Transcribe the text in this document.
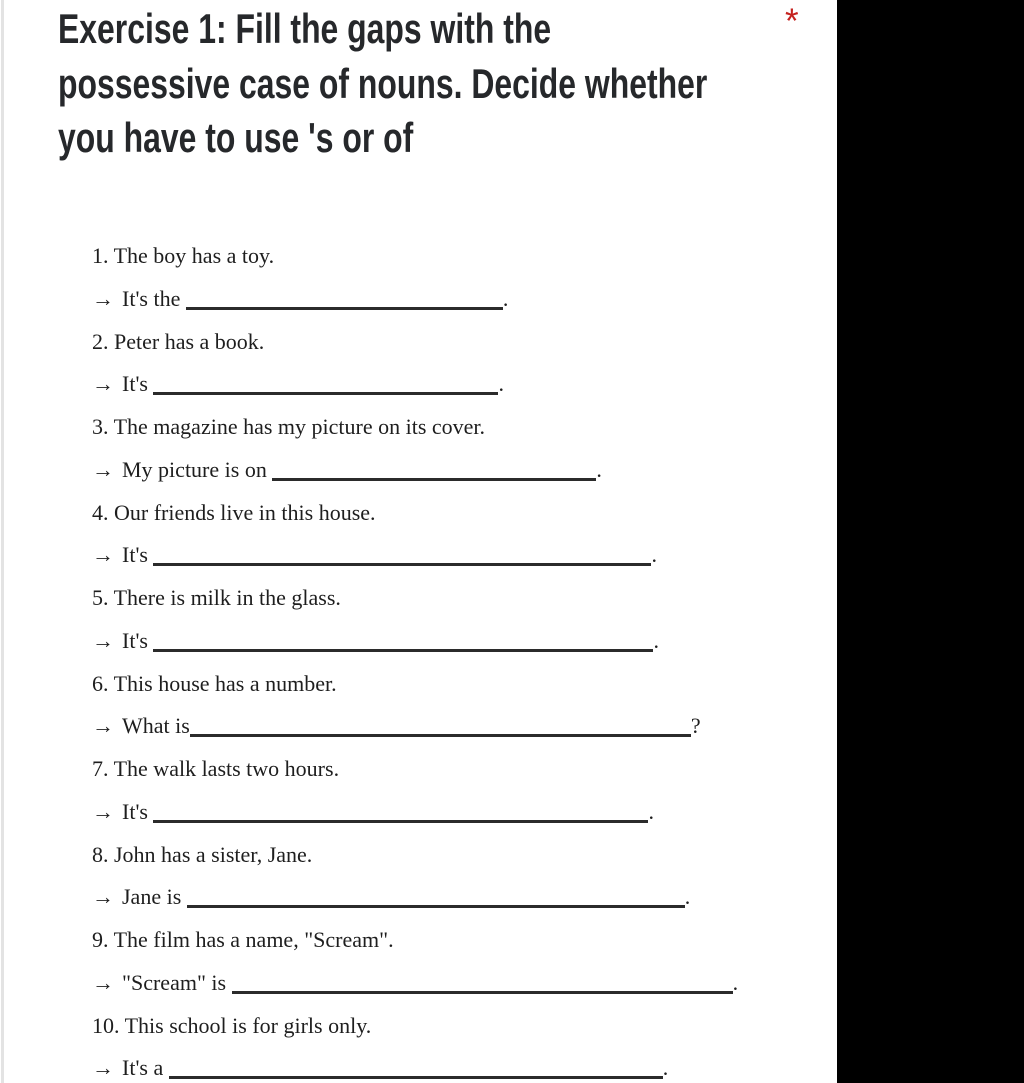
Exercise 1: Fill the gaps with the
possessive case of nouns. Decide whether
you have to use 's or of
*
1. The boy has a toy.
→ It's the	.
2. Peter has a book.
→ It's	.
3. The magazine has my picture on its cover.
→ My picture is on	.
4. Our friends live in this house.
→ It's	.
5. There is milk in the glass.
→ It's	.
6. This house has a number.
→ What is	?
7. The walk lasts two hours.
→ It's	.
8. John has a sister, Jane.
→ Jane is	.
9. The film has a name, "Scream".
→ "Scream" is	.
10. This school is for girls only.
→ It's a	.
